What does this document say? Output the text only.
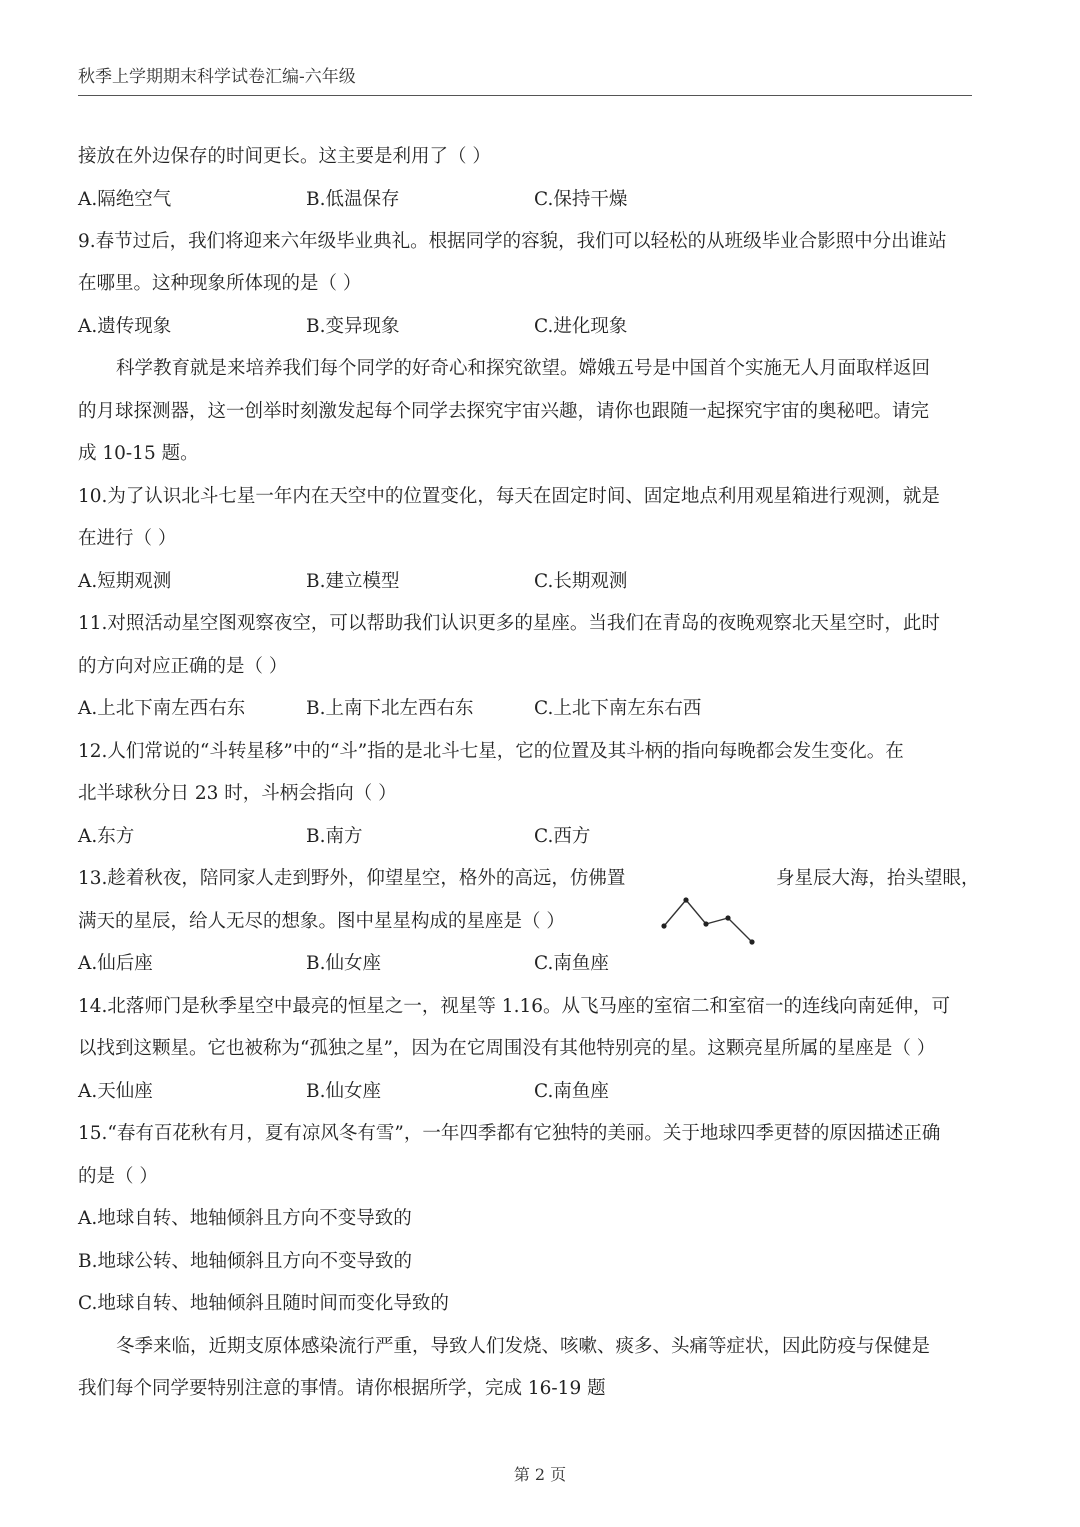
秋季上学期期末科学试卷汇编-六年级
接放在外边保存的时间更长。这主要是利用了（ ）
A.隔绝空气	B.低温保存	C.保持干燥
9.春节过后，我们将迎来六年级毕业典礼。根据同学的容貌，我们可以轻松的从班级毕业合影照中分出谁站
在哪里。这种现象所体现的是（ ）
A.遗传现象	B.变异现象	C.进化现象
科学教育就是来培养我们每个同学的好奇心和探究欲望。嫦娥五号是中国首个实施无人月面取样返回
的月球探测器，这一创举时刻激发起每个同学去探究宇宙兴趣，请你也跟随一起探究宇宙的奥秘吧。请完
成 10-15 题。
10.为了认识北斗七星一年内在天空中的位置变化，每天在固定时间、固定地点利用观星箱进行观测，就是
在进行（ ）
A.短期观测	B.建立模型	C.长期观测
11.对照活动星空图观察夜空，可以帮助我们认识更多的星座。当我们在青岛的夜晚观察北天星空时，此时
的方向对应正确的是（ ）
A.上北下南左西右东	B.上南下北左西右东	C.上北下南左东右西
12.人们常说的“斗转星移”中的“斗”指的是北斗七星，它的位置及其斗柄的指向每晚都会发生变化。在
北半球秋分日 23 时，斗柄会指向（ ）
A.东方	B.南方	C.西方
13.趁着秋夜，陪同家人走到野外，仰望星空，格外的高远，仿佛置	身星辰大海，抬头望眼，
满天的星辰，给人无尽的想象。图中星星构成的星座是（ ）
A.仙后座	B.仙女座	C.南鱼座
14.北落师门是秋季星空中最亮的恒星之一，视星等 1.16。从飞马座的室宿二和室宿一的连线向南延伸，可
以找到这颗星。它也被称为“孤独之星”，因为在它周围没有其他特别亮的星。这颗亮星所属的星座是（ ）
A.天仙座	B.仙女座	C.南鱼座
15.“春有百花秋有月，夏有凉风冬有雪”，一年四季都有它独特的美丽。关于地球四季更替的原因描述正确
的是（ ）
A.地球自转、地轴倾斜且方向不变导致的
B.地球公转、地轴倾斜且方向不变导致的
C.地球自转、地轴倾斜且随时间而变化导致的
冬季来临，近期支原体感染流行严重，导致人们发烧、咳嗽、痰多、头痛等症状，因此防疫与保健是
我们每个同学要特别注意的事情。请你根据所学，完成 16-19 题
第 2 页
